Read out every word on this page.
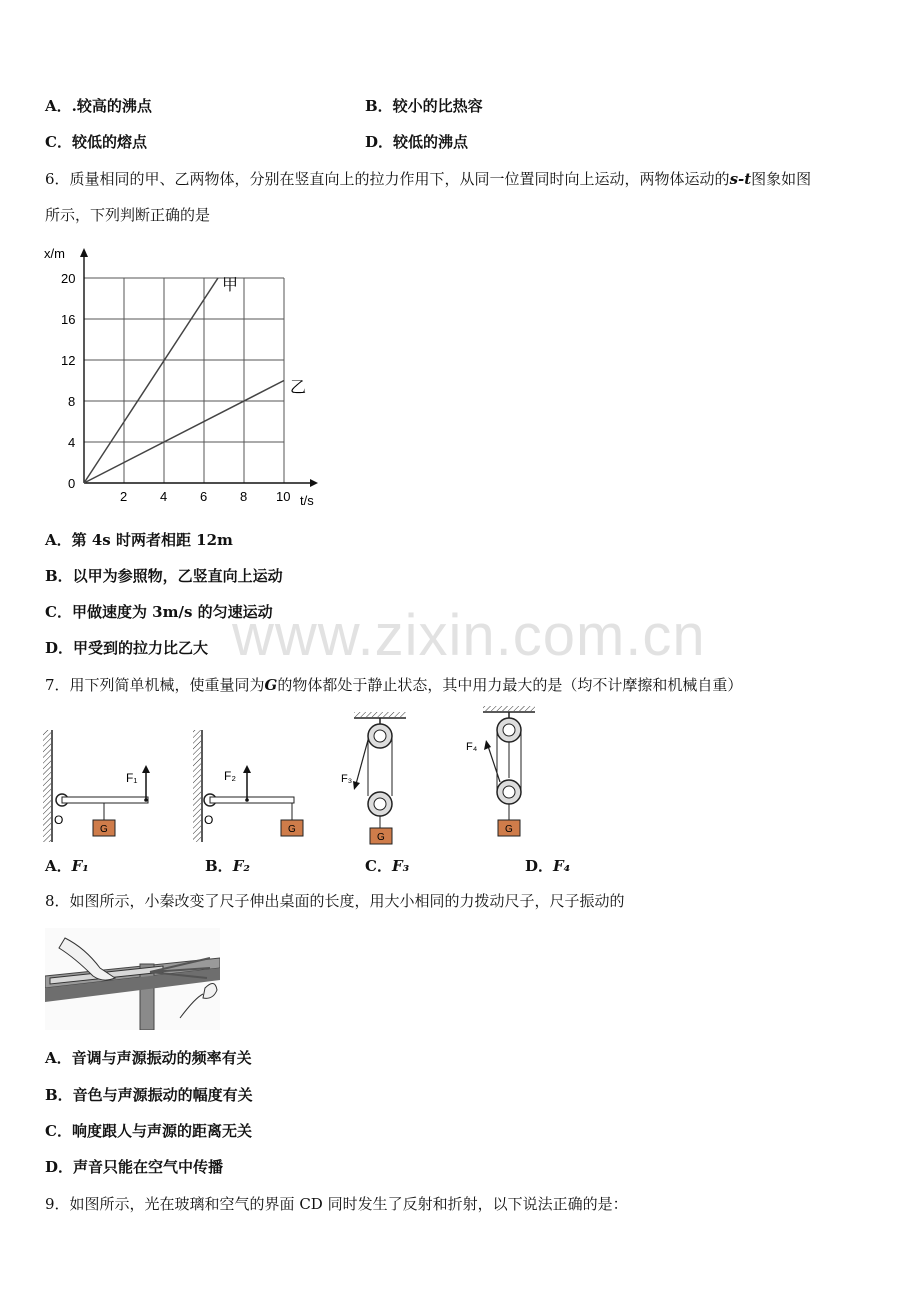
A．.较高的沸点	B．较小的比热容
C．较低的熔点	D．较低的沸点
6．质量相同的甲、乙两物体，分别在竖直向上的拉力作用下，从同一位置同时向上运动，两物体运动的s-t图象如图
所示，下列判断正确的是
2	4	6	8 10
4
8
12
16
20
0
x/m
t/s
甲
乙
A．第 4s 时两者相距 12m
B．以甲为参照物，乙竖直向上运动
C．甲做速度为 3m/s 的匀速运动
D．甲受到的拉力比乙大
7．用下列简单机械，使重量同为G的物体都处于静止状态，其中用力最大的是（均不计摩擦和机械自重）
F₁
O
G
F₂
O
G
F₃
G
F₄
G
A．F₁	B．F₂	C．F₃	D．F₄
8．如图所示，小秦改变了尺子伸出桌面的长度，用大小相同的力拨动尺子，尺子振动的
A．音调与声源振动的频率有关
B．音色与声源振动的幅度有关
C．响度跟人与声源的距离无关
D．声音只能在空气中传播
9．如图所示，光在玻璃和空气的界面 CD 同时发生了反射和折射，以下说法正确的是：
www.zixin.com.cn
